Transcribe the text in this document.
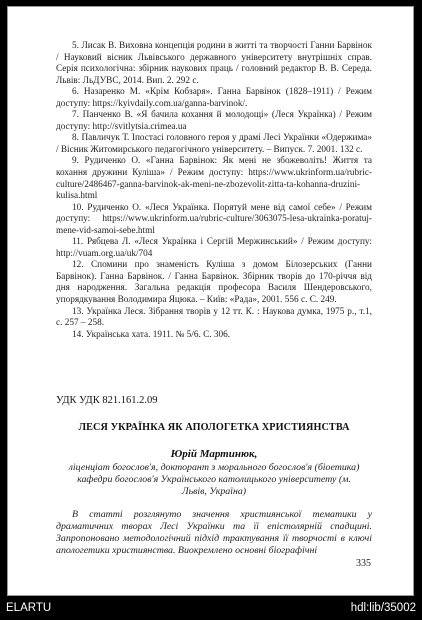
5. Лисак В. Виховна концепція родини в житті та творчості Ганни Барвінок / Науковий вісник Львівського державного університету внутрішніх справ. Серія психологічна: збірник наукових праць / головний редактор В. В. Середа. Львів: ЛьДУВС, 2014. Вип. 2. 292 с.

6. Назаренко М. «Крім Кобзаря». Ганна Барвінок (1828–1911) / Режим доступу: https://kyivdaily.com.ua/ganna-barvinok/.

7. Панченко В. «Я бачила кохання й молодощі» (Леся Українка) / Режим доступу: http://svitlytsia.crimea.ua

8. Павличук Т. Іпостасі головного героя у драмі Лесі Українки «Одержима» / Вісник Житомирського педагогічного університету. – Випуск. 7. 2001. 132 с.

9. Рудиченко О. «Ганна Барвінок: Як мені не збожеволіть! Життя та кохання дружини Куліша» / Режим доступу: https://www.ukrinform.ua/rubric-culture/2486467-ganna-barvinok-ak-meni-ne-zbozevolit-zitta-ta-kohanna-druzini-kulisa.html

10. Рудиченко О. «Леся Українка. Порятуй мене від самої себе» / Режим доступу: https://www.ukrinform.ua/rubric-culture/3063075-lesa-ukrainka-poratuj-mene-vid-samoi-sebe.html

11. Рябцева Л. «Леся Українка і Сергій Мержинський» / Режим доступу: http://vuam.org.ua/uk/704

12. Спомини про знаменість Куліша з домом Білозерських (Ганни Барвінок). Ганна Барвінок. / Ганна Барвінок. Збірник творів до 170-річчя від дня народження. Загальна редакція професора Василя Шендеровського, упорядкування Володимира Яцюка. – Київ: «Рада», 2001. 556 с. С. 249.

13. Українка Леся. Зібрання творів у 12 тт. К. : Наукова думка, 1975 р., т.1, с. 257 – 258.

14. Українська хата. 1911. № 5/6. С. 306.

УДК УДК 821.161.2.09
ЛЕСЯ УКРАЇНКА ЯК АПОЛОГЕТКА ХРИСТИЯНСТВА
Юрій Мартинюк,
ліценціат богослов'я, докторант з морального богослов'я (біоетика) кафедри богослов'я Українського католицького університету (м. Львів, Україна)

В статті розглянуто значення християнської тематики у драматичних творах Лесі Українки та її епістолярній спадщині. Запропоновано методологічний підхід трактування її творчості в ключі апологетики християнства. Виокремлено основні біографічні

335
ELARTU	hdl:lib/35002
